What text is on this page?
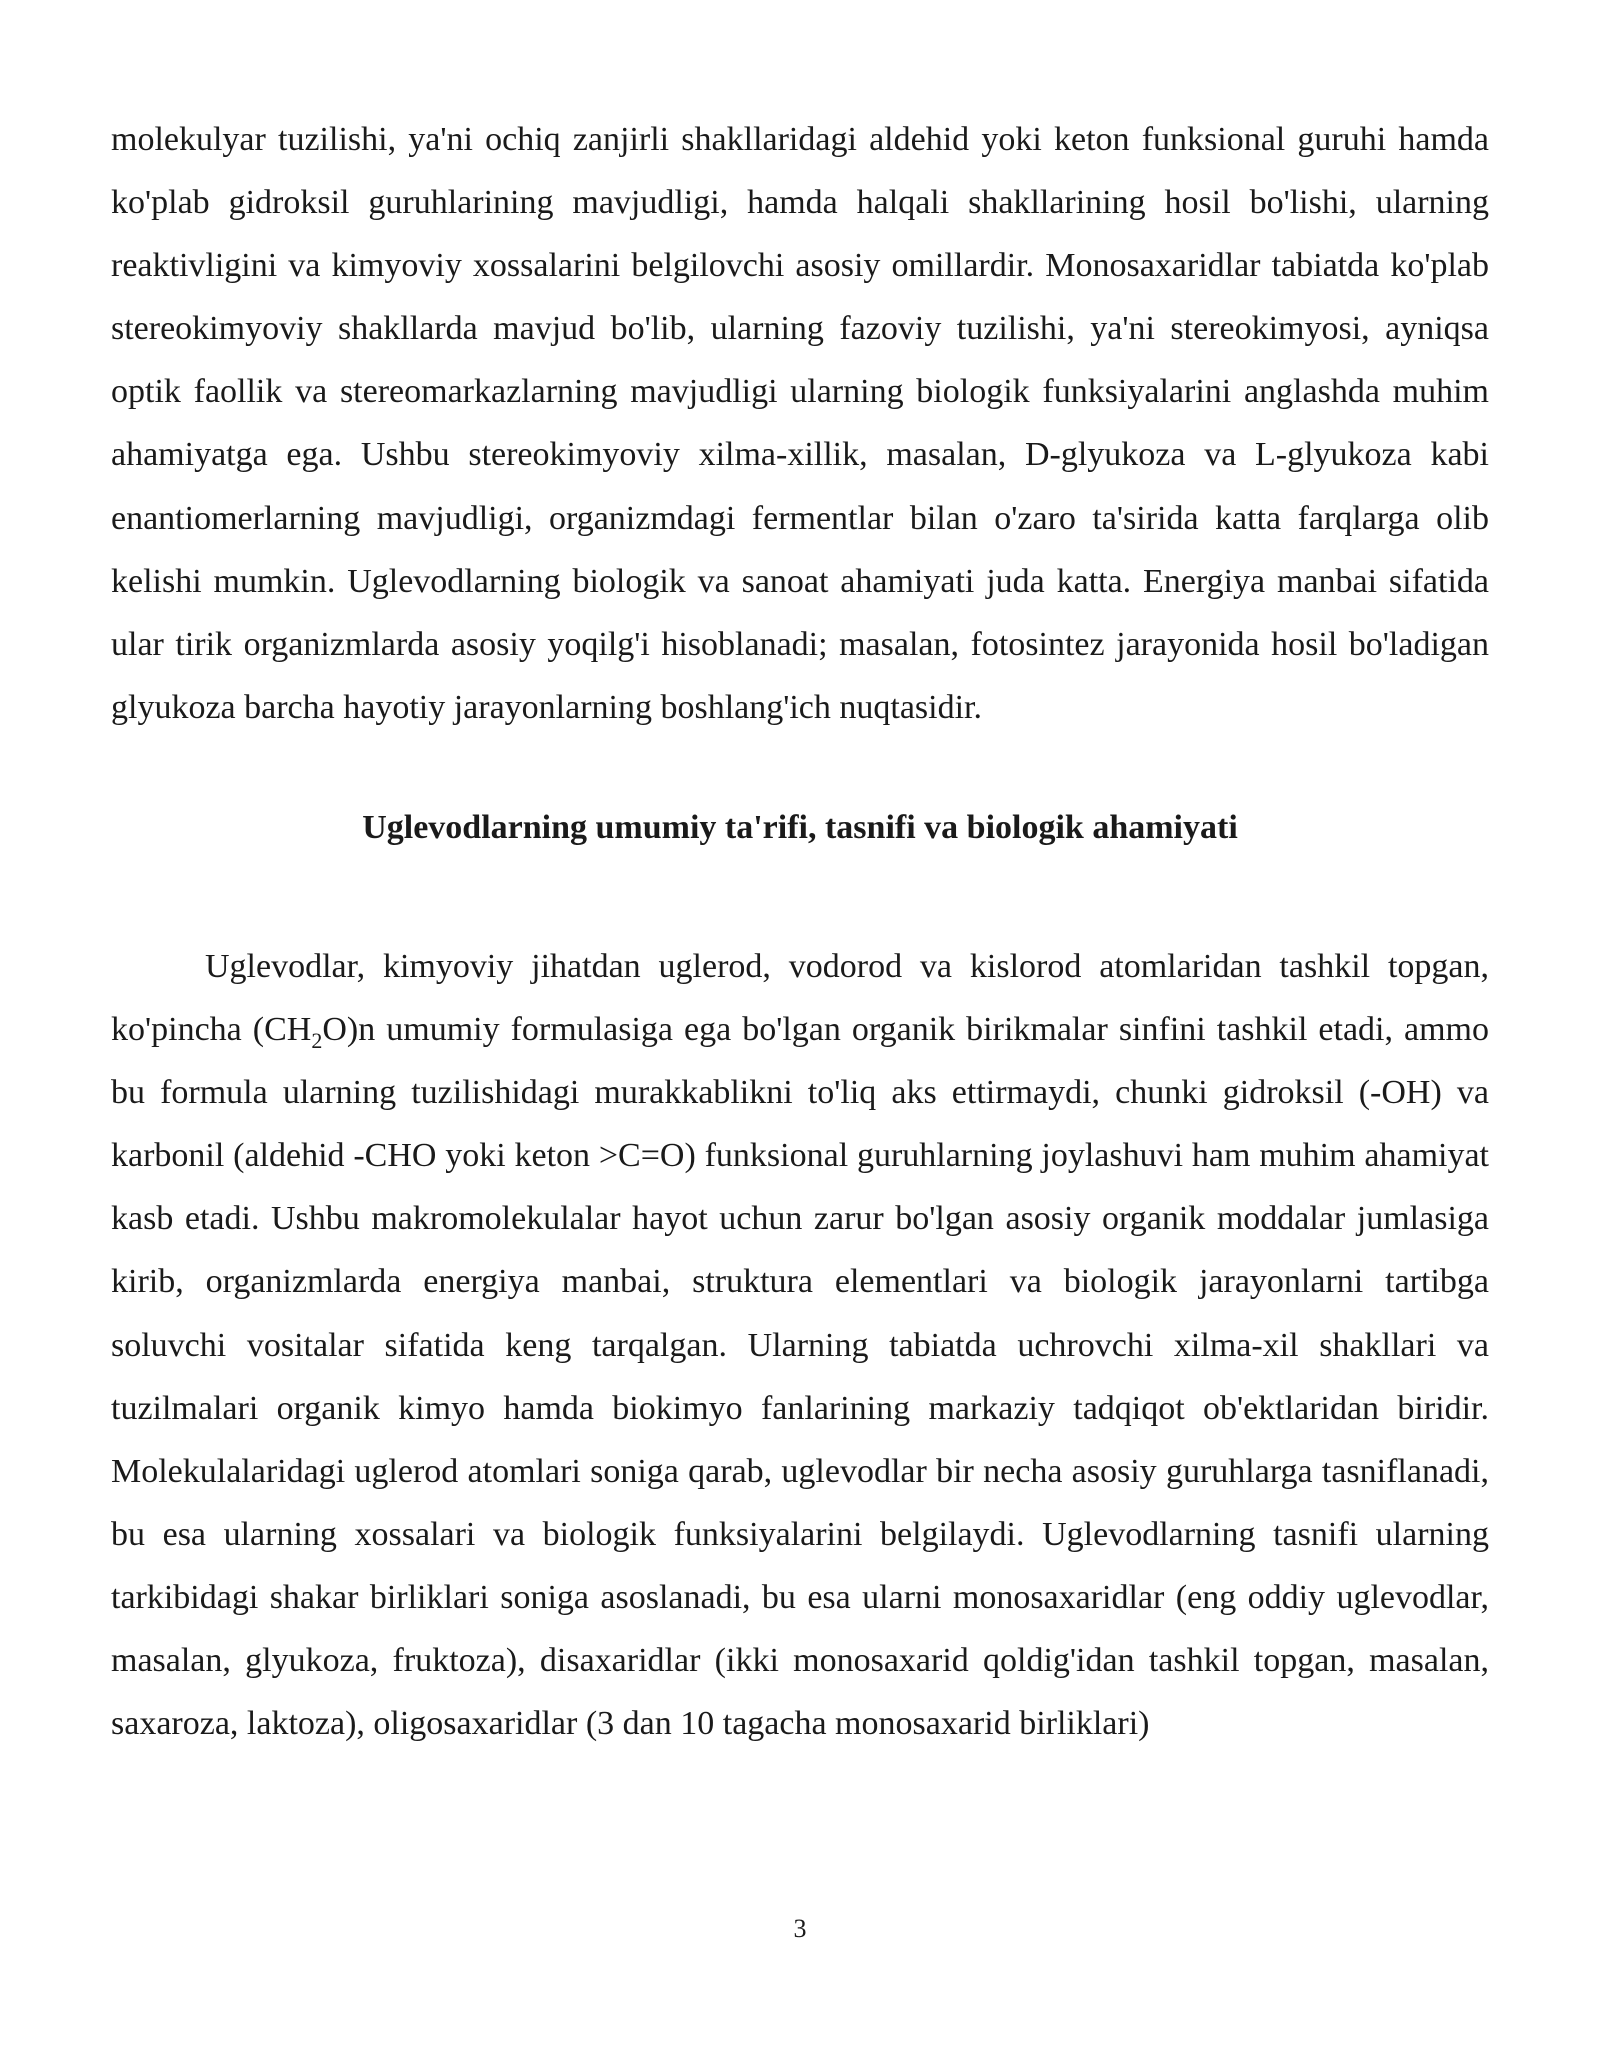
molekulyar tuzilishi, ya'ni ochiq zanjirli shakllaridagi aldehid yoki keton funksional guruhi hamda ko'plab gidroksil guruhlarining mavjudligi, hamda halqali shakllarining hosil bo'lishi, ularning reaktivligini va kimyoviy xossalarini belgilovchi asosiy omillardir. Monosaxaridlar tabiatda ko'plab stereokimyoviy shakllarda mavjud bo'lib, ularning fazoviy tuzilishi, ya'ni stereokimyosi, ayniqsa optik faollik va stereomarkazlarning mavjudligi ularning biologik funksiyalarini anglashda muhim ahamiyatga ega. Ushbu stereokimyoviy xilma-xillik, masalan, D-glyukoza va L-glyukoza kabi enantiomerlarning mavjudligi, organizmdagi fermentlar bilan o'zaro ta'sirida katta farqlarga olib kelishi mumkin. Uglevodlarning biologik va sanoat ahamiyati juda katta. Energiya manbai sifatida ular tirik organizmlarda asosiy yoqilg'i hisoblanadi; masalan, fotosintez jarayonida hosil bo'ladigan glyukoza barcha hayotiy jarayonlarning boshlang'ich nuqtasidir.

Uglevodlarning umumiy ta'rifi, tasnifi va biologik ahamiyati

Uglevodlar, kimyoviy jihatdan uglerod, vodorod va kislorod atomlaridan tashkil topgan, ko'pincha $(CH_2O)n$ umumiy formulasiga ega bo'lgan organik birikmalar sinfini tashkil etadi, ammo bu formula ularning tuzilishidagi murakkablikni to'liq aks ettirmaydi, chunki gidroksil (-OH) va karbonil (aldehid -CHO yoki keton >C=O) funksional guruhlarning joylashuvi ham muhim ahamiyat kasb etadi. Ushbu makromolekulalar hayot uchun zarur bo'lgan asosiy organik moddalar jumlasiga kirib, organizmlarda energiya manbai, struktura elementlari va biologik jarayonlarni tartibga soluvchi vositalar sifatida keng tarqalgan. Ularning tabiatda uchrovchi xilma-xil shakllari va tuzilmalari organik kimyo hamda biokimyo fanlarining markaziy tadqiqot ob'ektlaridan biridir. Molekulalaridagi uglerod atomlari soniga qarab, uglevodlar bir necha asosiy guruhlarga tasniflanadi, bu esa ularning xossalari va biologik funksiyalarini belgilaydi. Uglevodlarning tasnifi ularning tarkibidagi shakar birliklari soniga asoslanadi, bu esa ularni monosaxaridlar (eng oddiy uglevodlar, masalan, glyukoza, fruktoza), disaxaridlar (ikki monosaxarid qoldig'idan tashkil topgan, masalan, saxaroza, laktoza), oligosaxaridlar (3 dan 10 tagacha monosaxarid birliklari)

3
